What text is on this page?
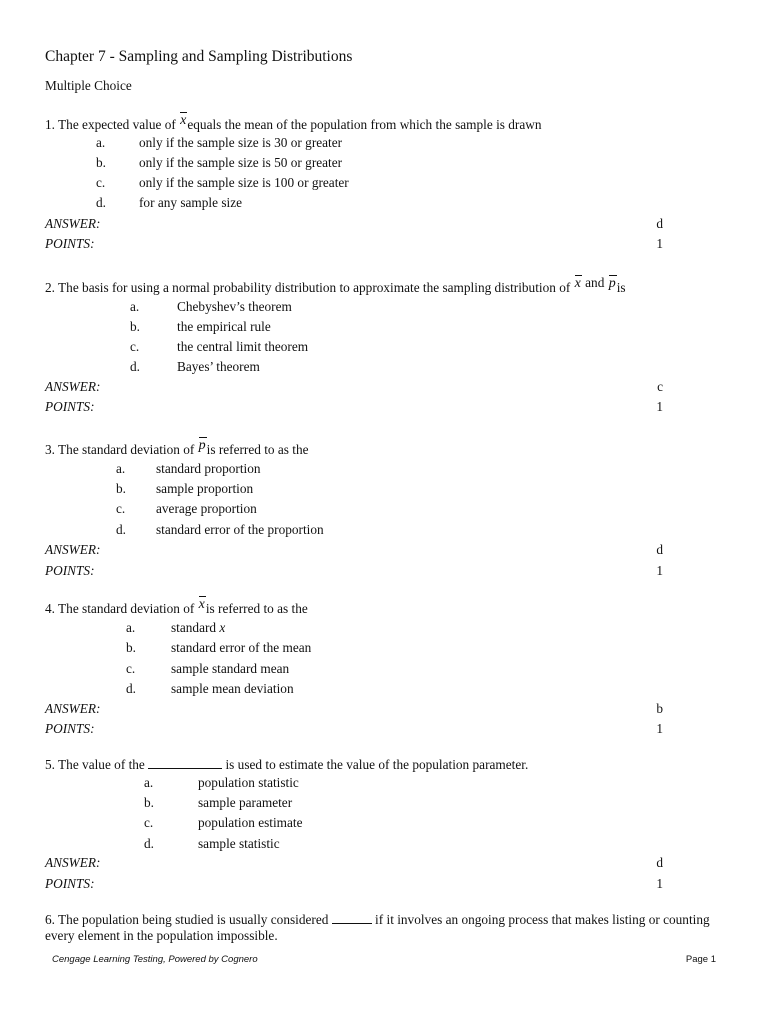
Chapter 7 - Sampling and Sampling Distributions
Multiple Choice
1. The expected value of xequals the mean of the population from which the sample is drawn
a.	only if the sample size is 30 or greater
b. only if the sample size is 50 or greater
c.	only if the sample size is 100 or greater
d. for any sample size
ANSWER:	d
POINTS:	1
2. The basis for using a normal probability distribution to approximate the sampling distribution of x and pis
a.	Chebyshev’s theorem
b.	the empirical rule
c.	the central limit theorem
d.	Bayes’ theorem
ANSWER:	c
POINTS:	1
3. The standard deviation of pis referred to as the
a. standard proportion
b. sample proportion
c. average proportion
d. standard error of the proportion
ANSWER:	d
POINTS:	1
4. The standard deviation of xis referred to as the
a.	standard x
b.	standard error of the mean
c.	sample standard mean
d.	sample mean deviation
ANSWER:	b
POINTS:	1
5. The value of the	is used to estimate the value of the population parameter.
a.	population statistic
b.	sample parameter
c.	population estimate
d.	sample statistic
ANSWER:	d
POINTS:	1
6. The population being studied is usually considered	if it involves an ongoing process that makes listing or counting every element in the population impossible.
Cengage Learning Testing, Powered by Cognero	Page 1
